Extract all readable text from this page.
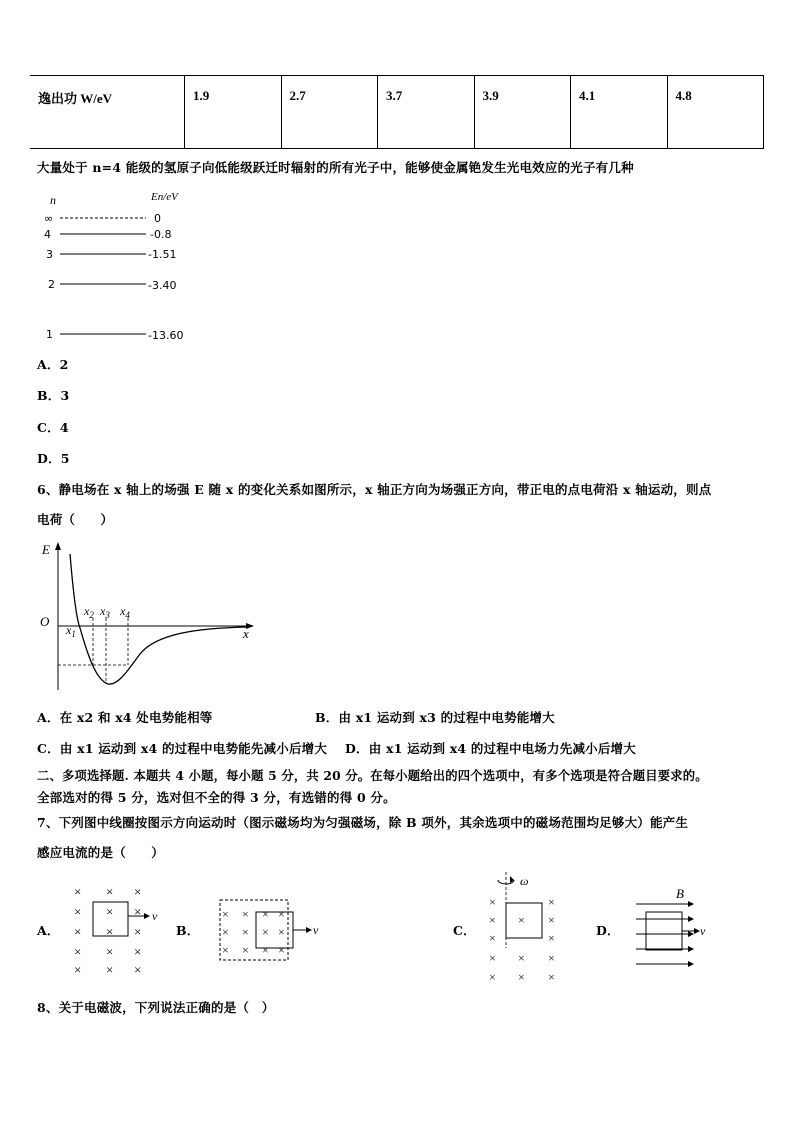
逸出功 W/eV	1.9	2.7	3.7	3.9	4.1	4.8
大量处于 n=4 能级的氢原子向低能级跃迁时辐射的所有光子中，能够使金属铯发生光电效应的光子有几种
n	En/eV
∞
4
3
2
1
0
-0.8
-1.51
-3.40
-13.60
A．2
B．3
C．4
D．5
6、静电场在 x 轴上的场强 E 随 x 的变化关系如图所示，x 轴正方向为场强正方向，带正电的点电荷沿 x 轴运动，则点
电荷（　　）
E
x
O
$x_1$
$x_2$ $x_3$ $x_4$
A．在 x2 和 x4 处电势能相等	B．由 x1 运动到 x3 的过程中电势能增大
C．由 x1 运动到 x4 的过程中电势能先减小后增大 D．由 x1 运动到 x4 的过程中电场力先减小后增大
二、多项选择题. 本题共 4 小题，每小题 5 分，共 20 分。在每小题给出的四个选项中，有多个选项是符合题目要求的。
全部选对的得 5 分，选对但不全的得 3 分，有选错的得 0 分。
7、下列图中线圈按图示方向运动时（图示磁场均为匀强磁场，除 B 项外，其余选项中的磁场范围均足够大）能产生
感应电流的是（　　）
A．	B．	C．	D．
× × ×
× × ×
× × ×
× × ×
× × ×
v	× × × ×
× × × ×
× × × ×
v
ω
×	×
× × ×
×	×
× × ×
× × ×
B
v
8、关于电磁波，下列说法正确的是（　）
